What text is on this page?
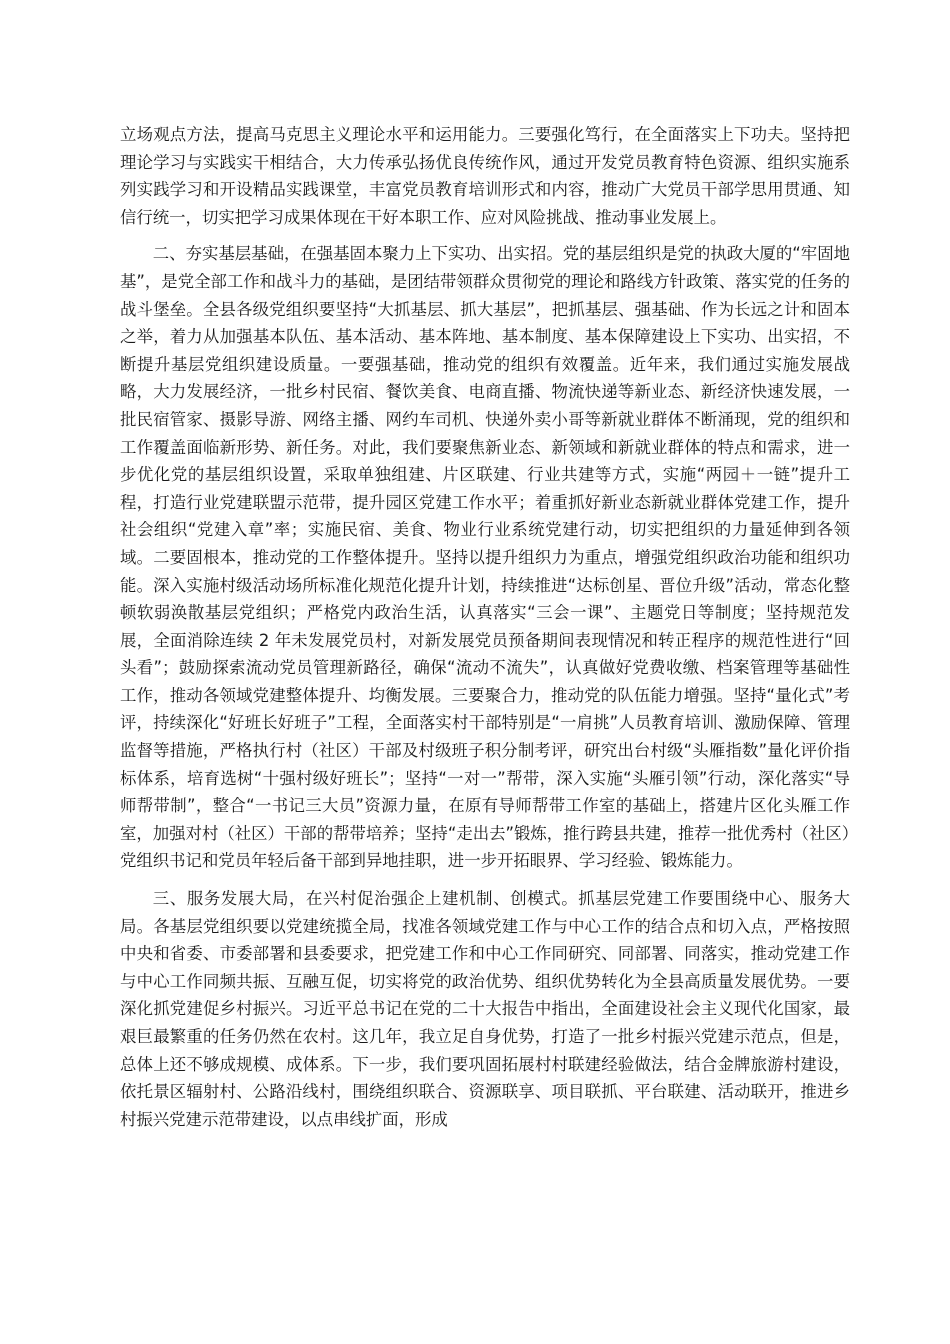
立场观点方法，提高马克思主义理论水平和运用能力。三要强化笃行，在全面落实上下功夫。坚持把理论学习与实践实干相结合，大力传承弘扬优良传统作风，通过开发党员教育特色资源、组织实施系列实践学习和开设精品实践课堂，丰富党员教育培训形式和内容，推动广大党员干部学思用贯通、知信行统一，切实把学习成果体现在干好本职工作、应对风险挑战、推动事业发展上。

二、夯实基层基础，在强基固本聚力上下实功、出实招。党的基层组织是党的执政大厦的“牢固地基”，是党全部工作和战斗力的基础，是团结带领群众贯彻党的理论和路线方针政策、落实党的任务的战斗堡垒。全县各级党组织要坚持“大抓基层、抓大基层”，把抓基层、强基础、作为长远之计和固本之举，着力从加强基本队伍、基本活动、基本阵地、基本制度、基本保障建设上下实功、出实招，不断提升基层党组织建设质量。一要强基础，推动党的组织有效覆盖。近年来，我们通过实施发展战略，大力发展经济，一批乡村民宿、餐饮美食、电商直播、物流快递等新业态、新经济快速发展，一批民宿管家、摄影导游、网络主播、网约车司机、快递外卖小哥等新就业群体不断涌现，党的组织和工作覆盖面临新形势、新任务。对此，我们要聚焦新业态、新领域和新就业群体的特点和需求，进一步优化党的基层组织设置，采取单独组建、片区联建、行业共建等方式，实施“两园＋一链”提升工程，打造行业党建联盟示范带，提升园区党建工作水平；着重抓好新业态新就业群体党建工作，提升社会组织“党建入章”率；实施民宿、美食、物业行业系统党建行动，切实把组织的力量延伸到各领域。二要固根本，推动党的工作整体提升。坚持以提升组织力为重点，增强党组织政治功能和组织功能。深入实施村级活动场所标准化规范化提升计划，持续推进“达标创星、晋位升级”活动，常态化整顿软弱涣散基层党组织；严格党内政治生活，认真落实“三会一课”、主题党日等制度；坚持规范发展，全面消除连续 2 年未发展党员村，对新发展党员预备期间表现情况和转正程序的规范性进行“回头看”；鼓励探索流动党员管理新路径，确保“流动不流失”，认真做好党费收缴、档案管理等基础性工作，推动各领域党建整体提升、均衡发展。三要聚合力，推动党的队伍能力增强。坚持“量化式”考评，持续深化“好班长好班子”工程，全面落实村干部特别是“一肩挑”人员教育培训、激励保障、管理监督等措施，严格执行村（社区）干部及村级班子积分制考评，研究出台村级“头雁指数”量化评价指标体系，培育选树“十强村级好班长”；坚持“一对一”帮带，深入实施“头雁引领”行动，深化落实“导师帮带制”，整合“一书记三大员”资源力量，在原有导师帮带工作室的基础上，搭建片区化头雁工作室，加强对村（社区）干部的帮带培养；坚持“走出去”锻炼，推行跨县共建，推荐一批优秀村（社区）党组织书记和党员年轻后备干部到异地挂职，进一步开拓眼界、学习经验、锻炼能力。

三、服务发展大局，在兴村促治强企上建机制、创模式。抓基层党建工作要围绕中心、服务大局。各基层党组织要以党建统揽全局，找准各领域党建工作与中心工作的结合点和切入点，严格按照中央和省委、市委部署和县委要求，把党建工作和中心工作同研究、同部署、同落实，推动党建工作与中心工作同频共振、互融互促，切实将党的政治优势、组织优势转化为全县高质量发展优势。一要深化抓党建促乡村振兴。习近平总书记在党的二十大报告中指出，全面建设社会主义现代化国家，最艰巨最繁重的任务仍然在农村。这几年，我立足自身优势，打造了一批乡村振兴党建示范点，但是，总体上还不够成规模、成体系。下一步，我们要巩固拓展村村联建经验做法，结合金牌旅游村建设，依托景区辐射村、公路沿线村，围绕组织联合、资源联享、项目联抓、平台联建、活动联开，推进乡村振兴党建示范带建设，以点串线扩面，形成
